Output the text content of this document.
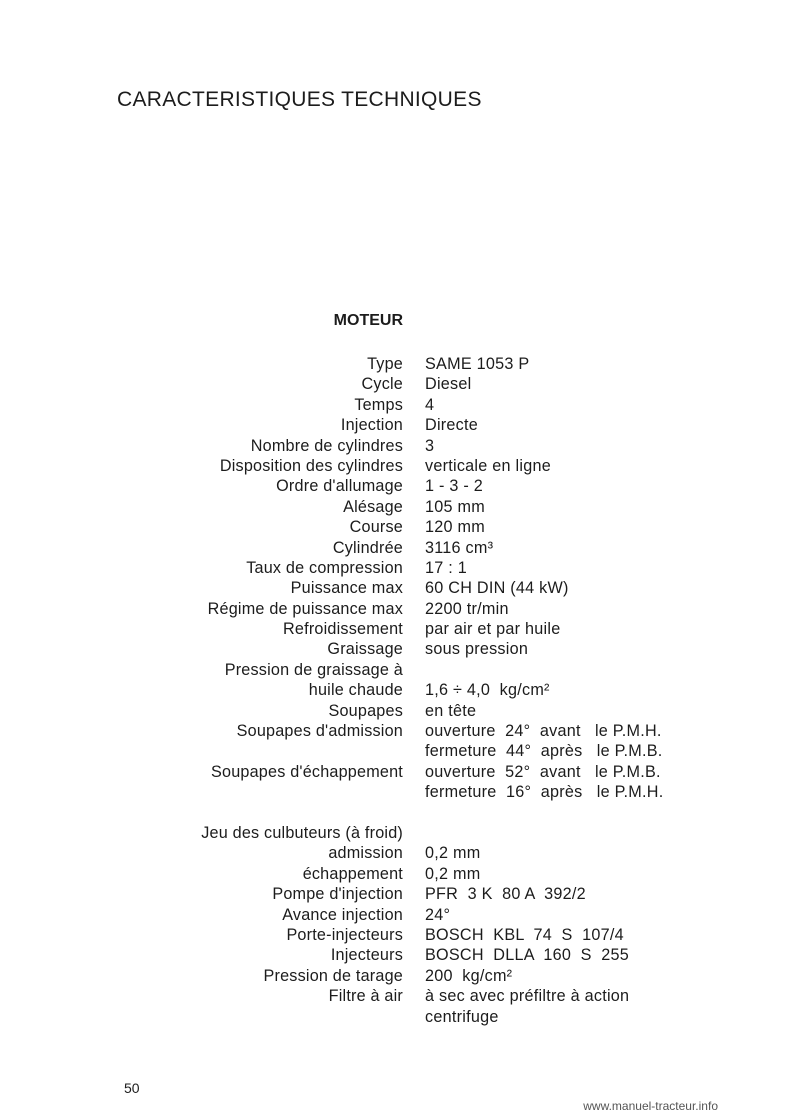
CARACTERISTIQUES TECHNIQUES
MOTEUR
Type SAME 1053 P
Cycle Diesel
Temps 4
Injection Directe
Nombre de cylindres 3
Disposition des cylindres verticale en ligne
Ordre d'allumage 1 - 3 - 2
Alésage 105 mm
Course 120 mm
Cylindrée 3116 cm³
Taux de compression 17 : 1
Puissance max 60 CH DIN (44 kW)
Régime de puissance max 2200 tr/min
Refroidissement par air et par huile
Graissage sous pression
Pression de graissage à
huile chaude 1,6 ÷ 4,0  kg/cm²
Soupapes en tête
Soupapes d'admission ouverture  24°  avant   le P.M.H.
fermeture  44°  après   le P.M.B.
Soupapes d'échappement ouverture  52°  avant   le P.M.B.
fermeture  16°  après   le P.M.H.
Jeu des culbuteurs (à froid)
admission 0,2 mm
échappement 0,2 mm
Pompe d'injection PFR  3 K  80 A  392/2
Avance injection 24°
Porte-injecteurs BOSCH  KBL  74  S  107/4
Injecteurs BOSCH  DLLA  160  S  255
Pression de tarage 200  kg/cm²
Filtre à air à sec avec préfiltre à action
centrifuge
50
www.manuel-tracteur.info
